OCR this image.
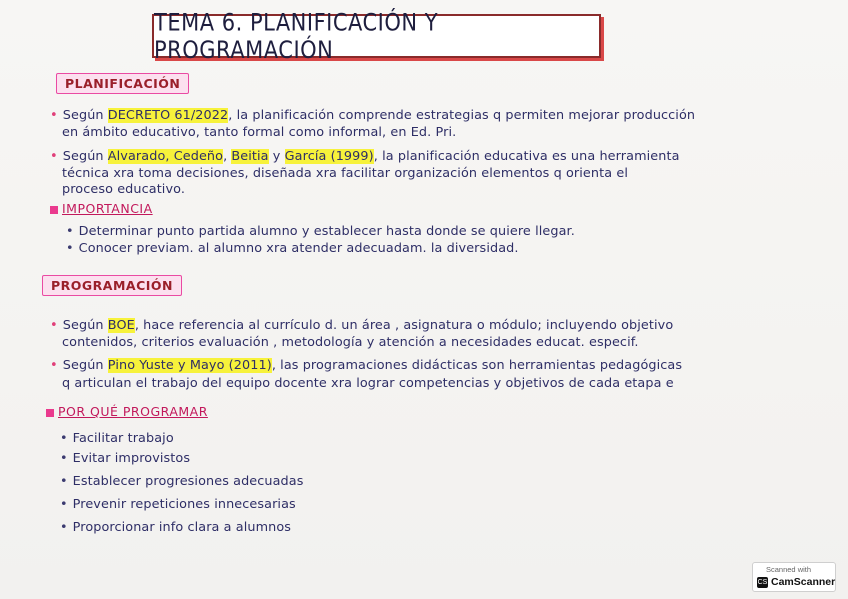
TEMA 6. PLANIFICACIÓN Y PROGRAMACIÓN
PLANIFICACIÓN
• Según DECRETO 61/2022, la planificación comprende estrategias q permiten mejorar producción
en ámbito educativo, tanto formal como informal, en Ed. Pri.
• Según Alvarado, Cedeño, Beitia y García (1999), la planificación educativa es una herramienta
técnica xra toma decisiones, diseñada xra facilitar organización elementos q orienta el
proceso educativo.
IMPORTANCIA
• Determinar punto partida alumno y establecer hasta donde se quiere llegar.
• Conocer previam. al alumno xra atender adecuadam. la diversidad.
PROGRAMACIÓN
• Según BOE, hace referencia al currículo d. un área , asignatura o módulo; incluyendo objetivo
contenidos, criterios evaluación , metodología y atención a necesidades educat. especif.
• Según Pino Yuste y Mayo (2011), las programaciones didácticas son herramientas pedagógicas
q articulan el trabajo del equipo docente xra lograr competencias y objetivos de cada etapa e
POR QUÉ PROGRAMAR
• Facilitar trabajo
• Evitar improvistos
• Establecer progresiones adecuadas
• Prevenir repeticiones innecesarias
• Proporcionar info clara a alumnos
Scanned with
CS CamScanner
